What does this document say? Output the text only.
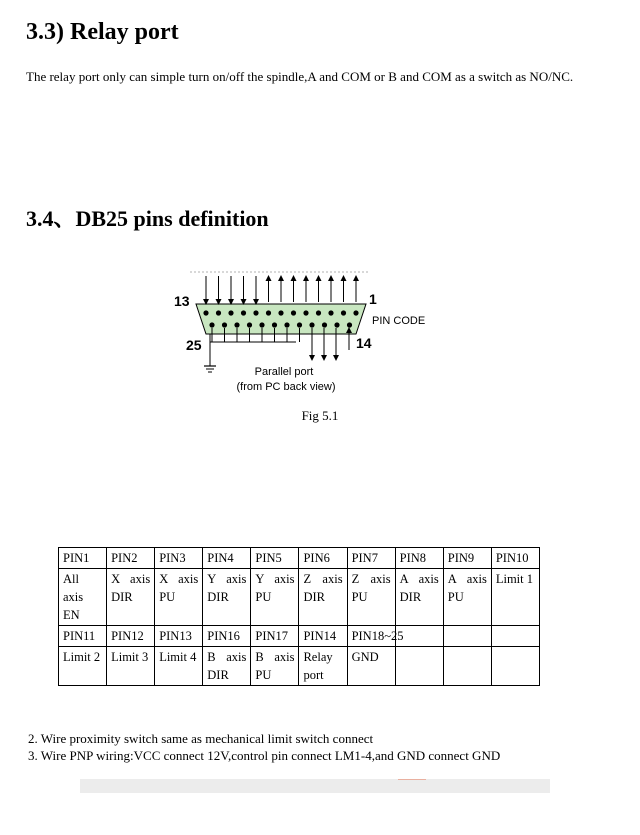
3.3) Relay port
The relay port only can simple turn on/off the spindle,A and COM or B and COM as a switch as NO/NC.
3.4、DB25 pins definition
13	1
25	14
PIN CODE
Parallel port
(from PC back view)
Fig 5.1
PIN1	PIN2	PIN3	PIN4	PIN5	PIN6	PIN7	PIN8	PIN9	PIN10
All axis EN	X axis DIR	X axis PU	Y axis DIR	Y axis PU	Z axis DIR	Z axis PU	A axis DIR	A axis PU	Limit 1
PIN11	PIN12	PIN13	PIN16	PIN17	PIN14	PIN18~25			
Limit 2	Limit 3	Limit 4	B axis DIR	B axis PU	Relay port	GND			
2. Wire proximity switch same as mechanical limit switch connect
3. Wire PNP wiring:VCC connect 12V,control pin connect LM1-4,and GND connect GND
